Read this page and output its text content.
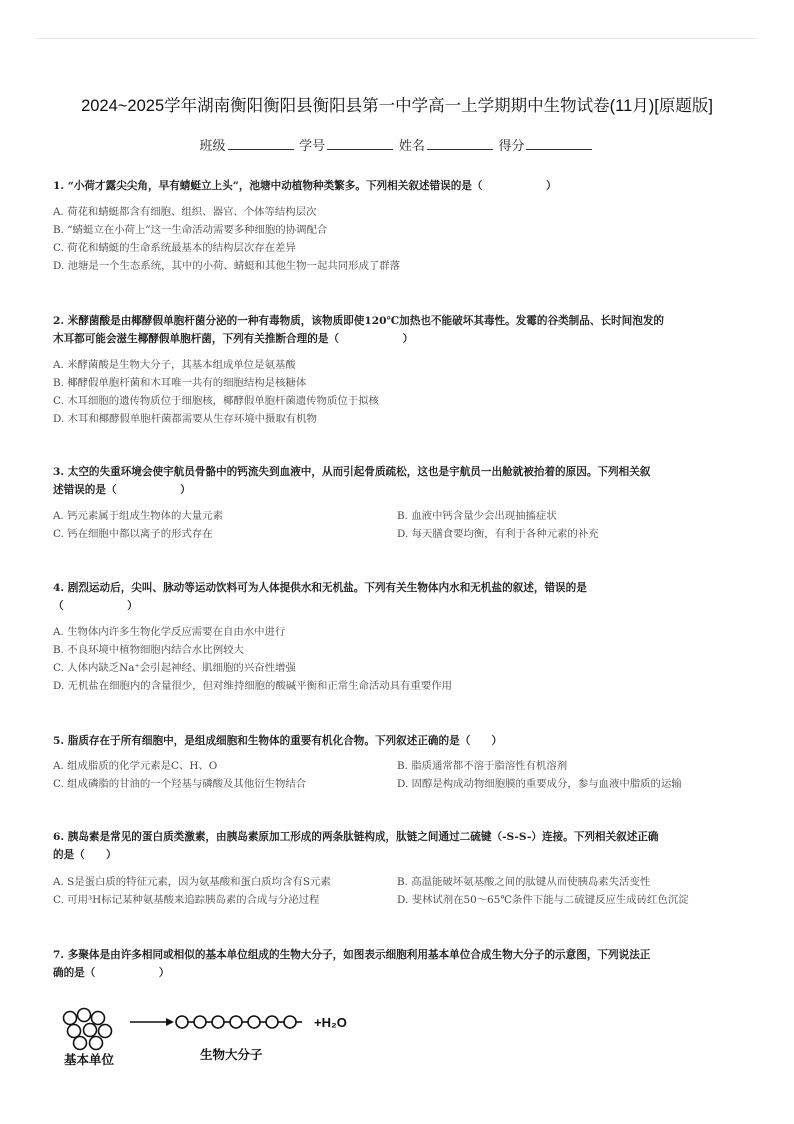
2024~2025学年湖南衡阳衡阳县衡阳县第一中学高一上学期期中生物试卷(11月)[原题版]
班级	学号	姓名	得分
1. “小荷才露尖尖角，早有蜻蜓立上头”，池塘中动植物种类繁多。下列相关叙述错误的是（　　　　　　）
A. 荷花和蜻蜓都含有细胞、组织、器官、个体等结构层次
B. “蜻蜓立在小荷上”这一生命活动需要多种细胞的协调配合
C. 荷花和蜻蜓的生命系统最基本的结构层次存在差异
D. 池塘是一个生态系统，其中的小荷、蜻蜓和其他生物一起共同形成了群落
2. 米酵菌酸是由椰酵假单胞杆菌分泌的一种有毒物质，该物质即使120℃加热也不能破坏其毒性。发霉的谷类制品、长时间泡发的
木耳都可能会滋生椰酵假单胞杆菌，下列有关推断合理的是（　　　　　　）
A. 米酵菌酸是生物大分子，其基本组成单位是氨基酸
B. 椰酵假单胞杆菌和木耳唯一共有的细胞结构是核糖体
C. 木耳细胞的遗传物质位于细胞核，椰酵假单胞杆菌遗传物质位于拟核
D. 木耳和椰酵假单胞杆菌都需要从生存环境中摄取有机物
3. 太空的失重环境会使宇航员骨骼中的钙流失到血液中，从而引起骨质疏松，这也是宇航员一出舱就被抬着的原因。下列相关叙
述错误的是（　　　　　　）
A. 钙元素属于组成生物体的大量元素	B. 血液中钙含量少会出现抽搐症状
C. 钙在细胞中都以离子的形式存在	D. 每天膳食要均衡，有利于各种元素的补充
4. 剧烈运动后，尖叫、脉动等运动饮料可为人体提供水和无机盐。下列有关生物体内水和无机盐的叙述，错误的是
（　　　　　　）
A. 生物体内许多生物化学反应需要在自由水中进行
B. 不良环境中植物细胞内结合水比例较大
C. 人体内缺乏Na⁺会引起神经、肌细胞的兴奋性增强
D. 无机盐在细胞内的含量很少，但对维持细胞的酸碱平衡和正常生命活动具有重要作用
5. 脂质存在于所有细胞中，是组成细胞和生物体的重要有机化合物。下列叙述正确的是（　　）
A. 组成脂质的化学元素是C、H、O	B. 脂质通常都不溶于脂溶性有机溶剂
C. 组成磷脂的甘油的一个羟基与磷酸及其他衍生物结合	D. 固醇是构成动物细胞膜的重要成分，参与血液中脂质的运输
6. 胰岛素是常见的蛋白质类激素，由胰岛素原加工形成的两条肽链构成，肽链之间通过二硫键（-S-S-）连接。下列相关叙述正确
的是（　　）
A. S是蛋白质的特征元素，因为氨基酸和蛋白质均含有S元素	B. 高温能破坏氨基酸之间的肽键从而使胰岛素失活变性
C. 可用³H标记某种氨基酸来追踪胰岛素的合成与分泌过程	D. 斐林试剂在50～65℃条件下能与二硫键反应生成砖红色沉淀
7. 多聚体是由许多相同或相似的基本单位组成的生物大分子，如图表示细胞利用基本单位合成生物大分子的示意图，下列说法正
确的是（　　　　　　）
+H₂O
基本单位	生物大分子
